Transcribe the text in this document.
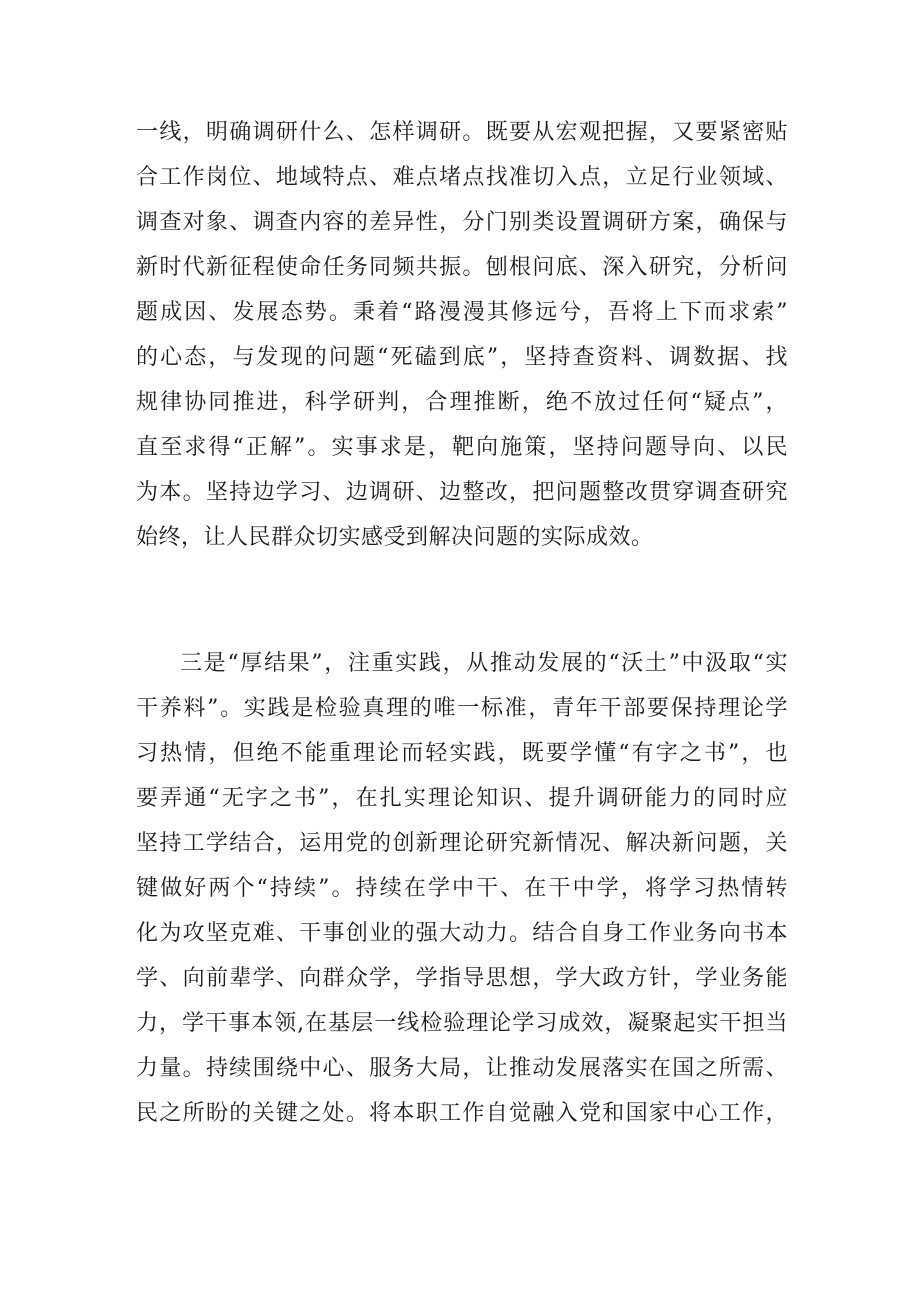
一线，明确调研什么、怎样调研。既要从宏观把握，又要紧密贴
合工作岗位、地域特点、难点堵点找准切入点，立足行业领域、
调查对象、调查内容的差异性，分门别类设置调研方案，确保与
新时代新征程使命任务同频共振。刨根问底、深入研究，分析问
题成因、发展态势。秉着“路漫漫其修远兮，吾将上下而求索”
的心态，与发现的问题“死磕到底”，坚持查资料、调数据、找
规律协同推进，科学研判，合理推断，绝不放过任何“疑点”，
直至求得“正解”。实事求是，靶向施策，坚持问题导向、以民
为本。坚持边学习、边调研、边整改，把问题整改贯穿调查研究
始终，让人民群众切实感受到解决问题的实际成效。
三是“厚结果”，注重实践，从推动发展的“沃土”中汲取“实
干养料”。实践是检验真理的唯一标准，青年干部要保持理论学
习热情，但绝不能重理论而轻实践，既要学懂“有字之书”，也
要弄通“无字之书”，在扎实理论知识、提升调研能力的同时应
坚持工学结合，运用党的创新理论研究新情况、解决新问题，关
键做好两个“持续”。持续在学中干、在干中学，将学习热情转
化为攻坚克难、干事创业的强大动力。结合自身工作业务向书本
学、向前辈学、向群众学，学指导思想，学大政方针，学业务能
力，学干事本领,在基层一线检验理论学习成效，凝聚起实干担当
力量。持续围绕中心、服务大局，让推动发展落实在国之所需、
民之所盼的关键之处。将本职工作自觉融入党和国家中心工作，
